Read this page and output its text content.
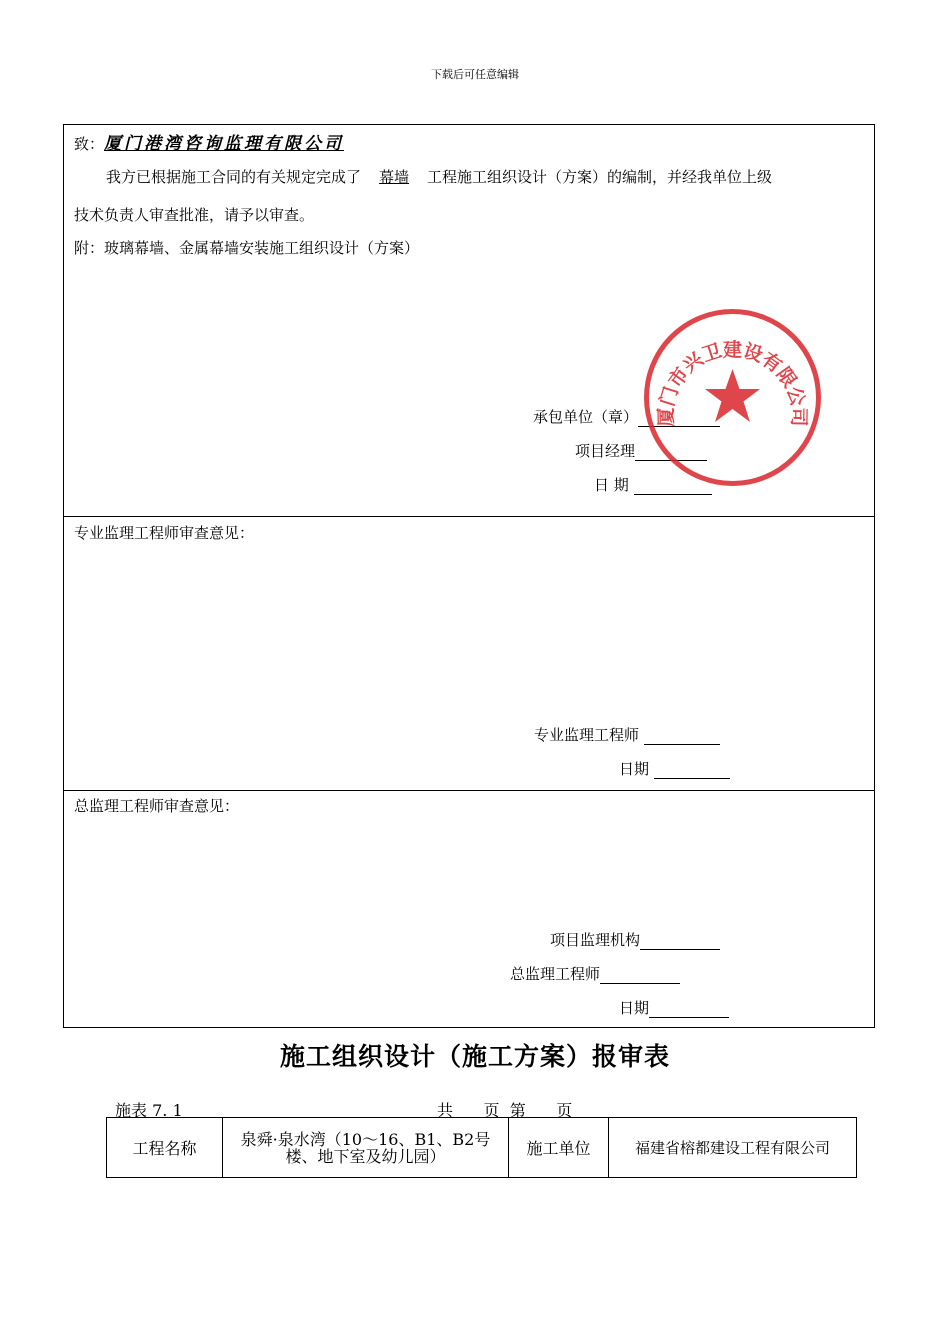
下载后可任意编辑
致：厦门港湾咨询监理有限公司
我方已根据施工合同的有关规定完成了 幕墙 工程施工组织设计（方案）的编制，并经我单位上级
技术负责人审查批准，请予以审查。
附：玻璃幕墙、金属幕墙安装施工组织设计（方案）
承包单位（章）
项目经理
日 期
专业监理工程师审查意见：
专业监理工程师
日期
总监理工程师审查意见：
项目监理机构
总监理工程师
日期
厦门市兴卫建设有限公司
施工组织设计（施工方案）报审表
施表 7. 1	共      页  第      页
工程名称	泉舜·泉水湾（10～16、B1、B2号楼、地下室及幼儿园）	施工单位	福建省榕都建设工程有限公司
